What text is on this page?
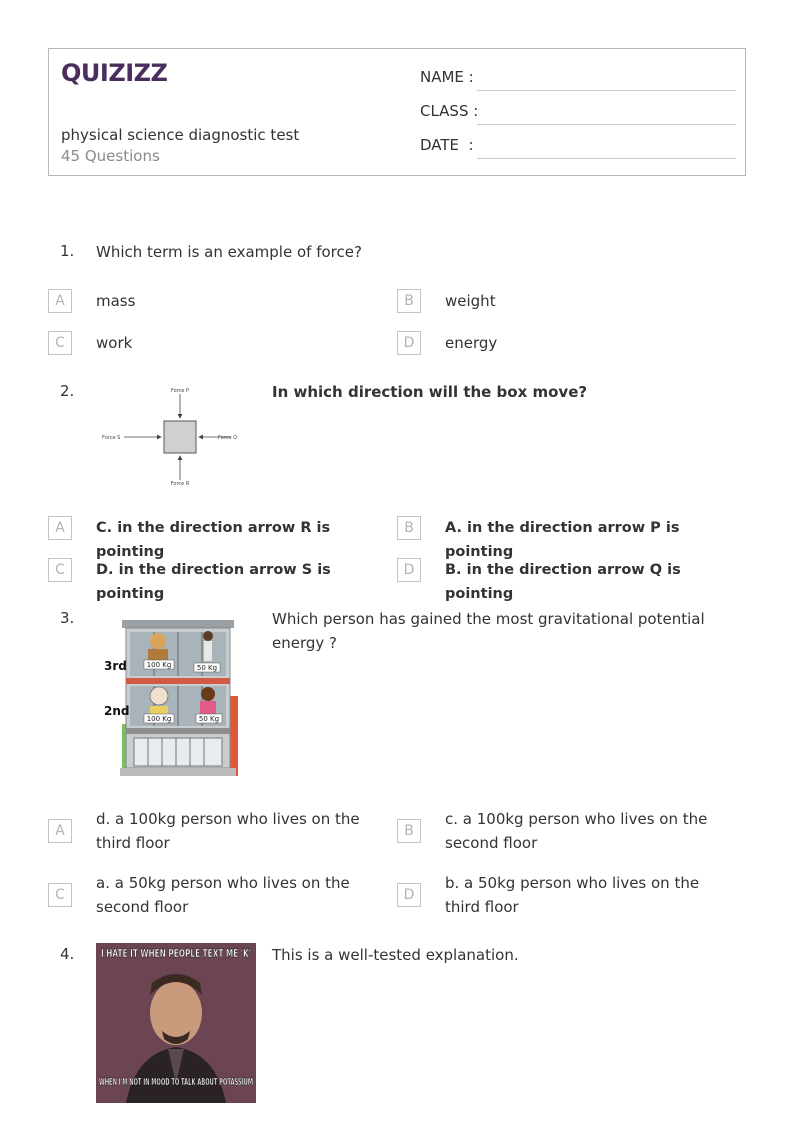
QUIZIZZ
physical science diagnostic test
45 Questions
NAME :
CLASS :
DATE  :
1. Which term is an example of force?
A	mass	B	weight
C	work	D	energy
2.	Force P
Force R
Force S	Force Q
In which direction will the box move?
A	C. in the direction arrow R is pointing
B	A. in the direction arrow P is pointing
C	D. in the direction arrow S is pointing
D	B. in the direction arrow Q is pointing
3.
100 Kg	50 Kg
100 Kg	50 Kg
3rd
2nd
Which person has gained the most gravitational potential energy ?
A
d. a 100kg person who lives on the third floor
B
c. a 100kg person who lives on the second floor
C
a. a 50kg person who lives on the second floor
D
b. a 50kg person who lives on the third floor
4.	I HATE IT WHEN PEOPLE TEXT ME 'K'
WHEN I'M NOT IN MOOD TO TALK ABOUT POTASSIUM
This is a well-tested explanation.
